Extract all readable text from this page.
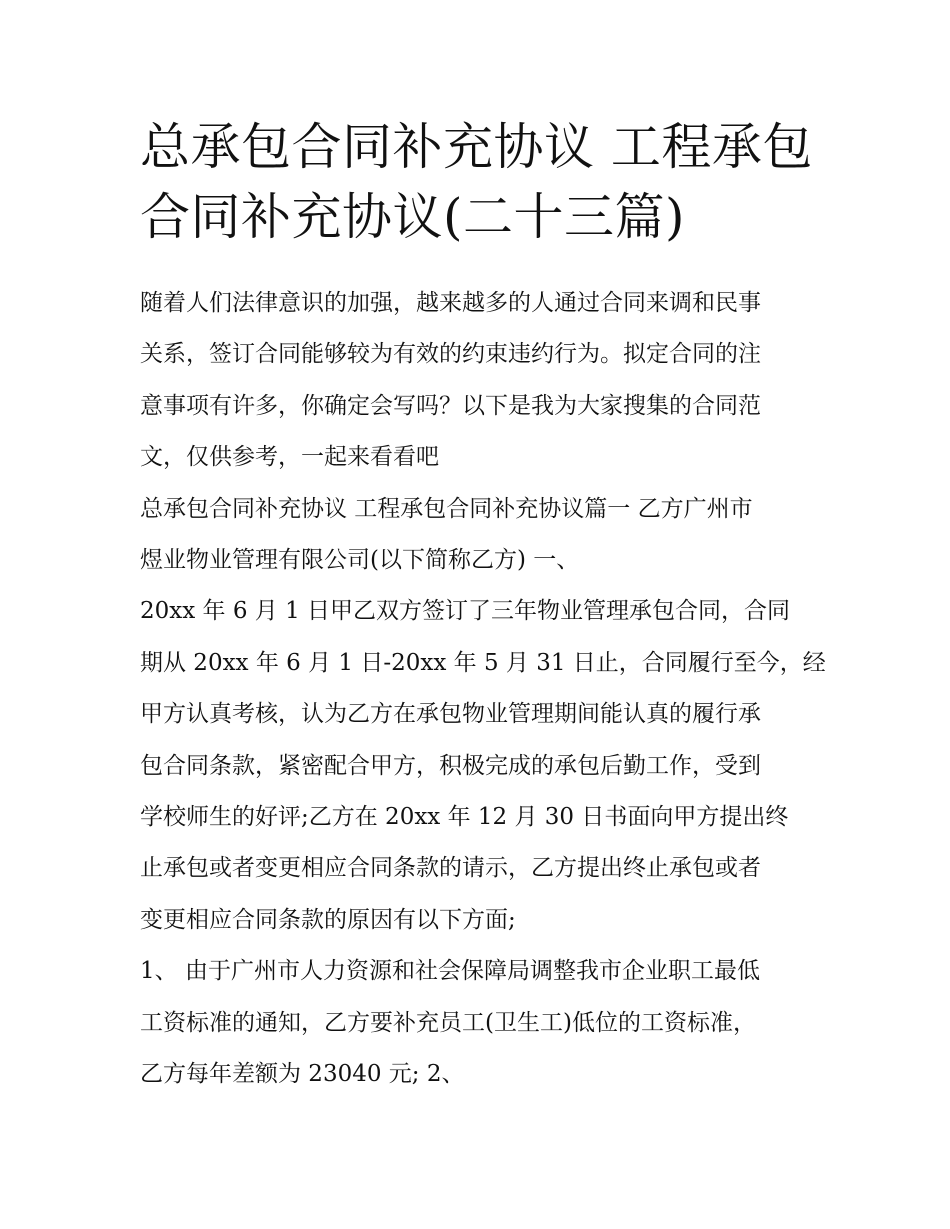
总承包合同补充协议 工程承包
合同补充协议(二十三篇)
随着人们法律意识的加强，越来越多的人通过合同来调和民事
关系，签订合同能够较为有效的约束违约行为。拟定合同的注
意事项有许多，你确定会写吗？以下是我为大家搜集的合同范
文，仅供参考，一起来看看吧
总承包合同补充协议 工程承包合同补充协议篇一 乙方广州市
煜业物业管理有限公司(以下简称乙方) 一、
20xx 年 6 月 1 日甲乙双方签订了三年物业管理承包合同，合同
期从 20xx 年 6 月 1 日-20xx 年 5 月 31 日止，合同履行至今，经
甲方认真考核，认为乙方在承包物业管理期间能认真的履行承
包合同条款，紧密配合甲方，积极完成的承包后勤工作，受到
学校师生的好评;乙方在 20xx 年 12 月 30 日书面向甲方提出终
止承包或者变更相应合同条款的请示，乙方提出终止承包或者
变更相应合同条款的原因有以下方面;
1、 由于广州市人力资源和社会保障局调整我市企业职工最低
工资标准的通知，乙方要补充员工(卫生工)低位的工资标准，
乙方每年差额为 23040 元; 2、
